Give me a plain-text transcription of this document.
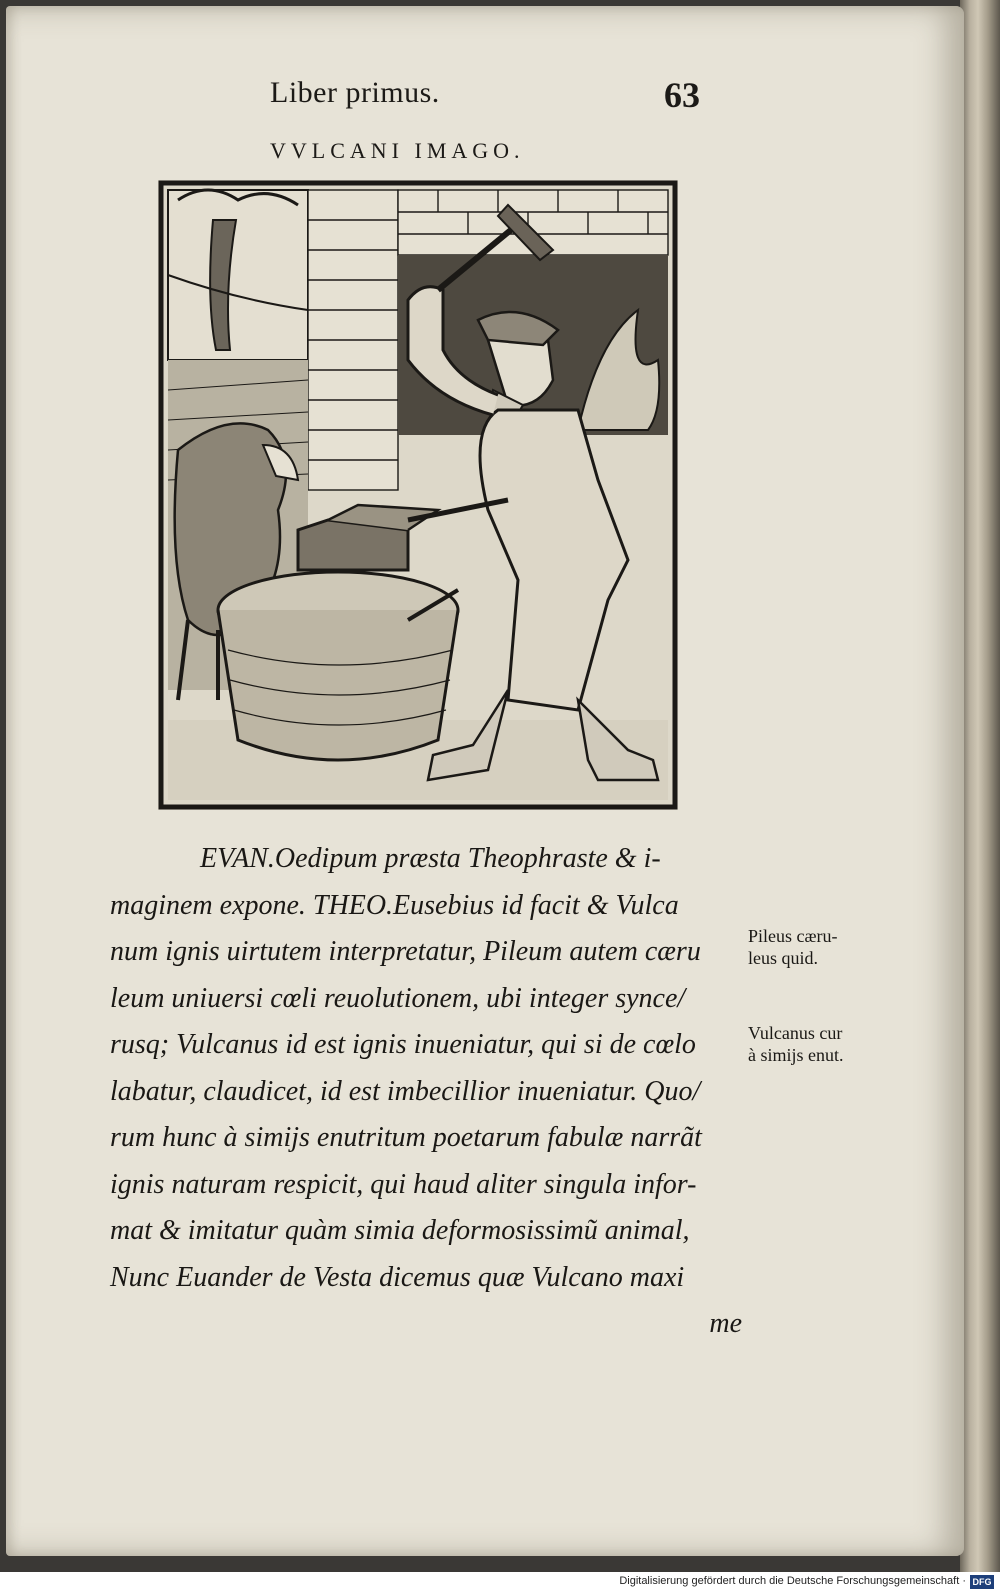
Liber primus.	63
VVLCANI IMAGO.
EVAN.Oedipum præsta Theophraste & i-
maginem expone. THEO.Eusebius id facit & Vulca
num ignis uirtutem interpretatur, Pileum autem cæru
leum uniuersi cœli reuolutionem, ubi integer synce/
rusq; Vulcanus id est ignis inueniatur, qui si de cœlo
labatur, claudicet, id est imbecillior inueniatur. Quo/
rum hunc à simijs enutritum poetarum fabulæ narrãt
ignis naturam respicit, qui haud aliter singula infor-
mat & imitatur quàm simia deformosissimũ animal,
Nunc Euander de Vesta dicemus quæ Vulcano maxi
me
Pileus cæru-
leus quid.
Vulcanus cur
à simijs enut.
Digitalisierung gefördert durch die Deutsche Forschungsgemeinschaft · DFG
